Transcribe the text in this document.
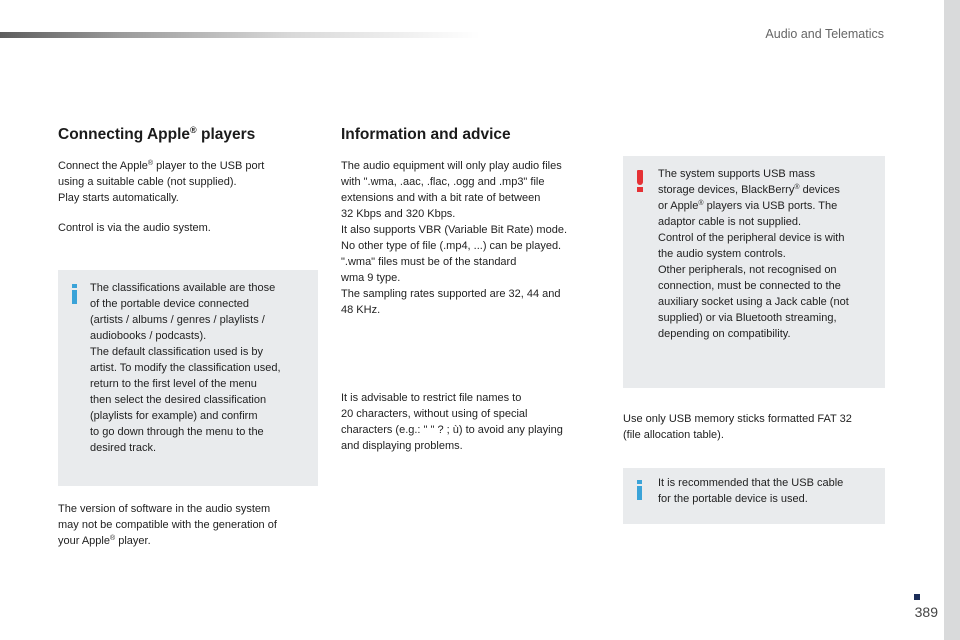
Audio and Telematics
Connecting Apple® players

Connect the Apple® player to the USB port
using a suitable cable (not supplied).
Play starts automatically.

Control is via the audio system.

The classifications available are those
of the portable device connected
(artists / albums / genres / playlists /
audiobooks / podcasts).
The default classification used is by
artist. To modify the classification used,
return to the first level of the menu
then select the desired classification
(playlists for example) and confirm
to go down through the menu to the
desired track.

The version of software in the audio system
may not be compatible with the generation of
your Apple® player.

Information and advice

The audio equipment will only play audio files
with ".wma, .aac, .flac, .ogg and .mp3" file
extensions and with a bit rate of between
32 Kbps and 320 Kbps.
It also supports VBR (Variable Bit Rate) mode.
No other type of file (.mp4, ...) can be played.
".wma" files must be of the standard
wma 9 type.
The sampling rates supported are 32, 44 and
48 KHz.

It is advisable to restrict file names to
20 characters, without using of special
characters (e.g.: " " ? ; ù) to avoid any playing
and displaying problems.

The system supports USB mass
storage devices, BlackBerry® devices
or Apple® players via USB ports. The
adaptor cable is not supplied.
Control of the peripheral device is with
the audio system controls.
Other peripherals, not recognised on
connection, must be connected to the
auxiliary socket using a Jack cable (not
supplied) or via Bluetooth streaming,
depending on compatibility.

Use only USB memory sticks formatted FAT 32
(file allocation table).

It is recommended that the USB cable
for the portable device is used.
389
